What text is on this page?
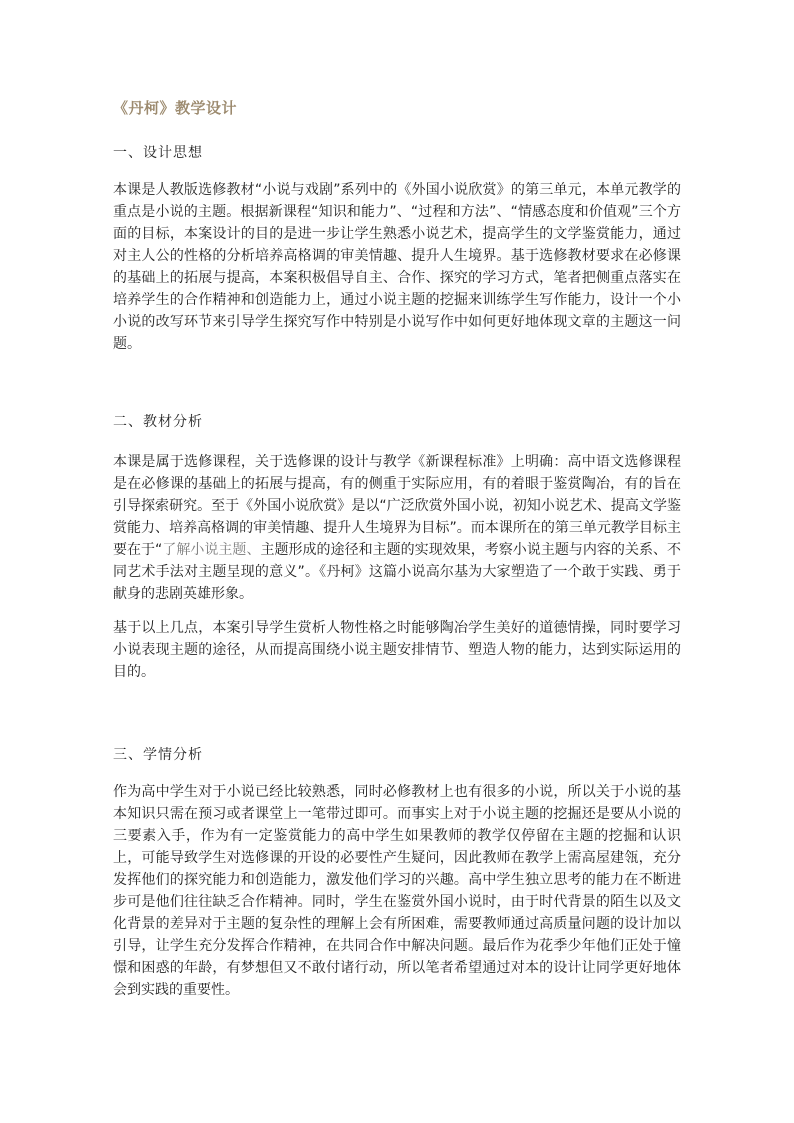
《丹柯》教学设计
一、设计思想
本课是人教版选修教材“小说与戏剧”系列中的《外国小说欣赏》的第三单元，本单元教学的重点是小说的主题。根据新课程“知识和能力”、“过程和方法”、“情感态度和价值观”三个方面的目标，本案设计的目的是进一步让学生熟悉小说艺术，提高学生的文学鉴赏能力，通过对主人公的性格的分析培养高格调的审美情趣、提升人生境界。基于选修教材要求在必修课的基础上的拓展与提高，本案积极倡导自主、合作、探究的学习方式，笔者把侧重点落实在培养学生的合作精神和创造能力上，通过小说主题的挖掘来训练学生写作能力，设计一个小小说的改写环节来引导学生探究写作中特别是小说写作中如何更好地体现文章的主题这一问题。
二、教材分析
本课是属于选修课程，关于选修课的设计与教学《新课程标准》上明确：高中语文选修课程是在必修课的基础上的拓展与提高，有的侧重于实际应用，有的着眼于鉴赏陶冶，有的旨在引导探索研究。至于《外国小说欣赏》是以“广泛欣赏外国小说，初知小说艺术、提高文学鉴赏能力、培养高格调的审美情趣、提升人生境界为目标”。而本课所在的第三单元教学目标主要在于“了解小说主题、主题形成的途径和主题的实现效果，考察小说主题与内容的关系、不同艺术手法对主题呈现的意义”。《丹柯》这篇小说高尔基为大家塑造了一个敢于实践、勇于献身的悲剧英雄形象。
基于以上几点，本案引导学生赏析人物性格之时能够陶冶学生美好的道德情操，同时要学习小说表现主题的途径，从而提高围绕小说主题安排情节、塑造人物的能力，达到实际运用的目的。
三、学情分析
作为高中学生对于小说已经比较熟悉，同时必修教材上也有很多的小说，所以关于小说的基本知识只需在预习或者课堂上一笔带过即可。而事实上对于小说主题的挖掘还是要从小说的三要素入手，作为有一定鉴赏能力的高中学生如果教师的教学仅停留在主题的挖掘和认识上，可能导致学生对选修课的开设的必要性产生疑问，因此教师在教学上需高屋建瓴，充分发挥他们的探究能力和创造能力，激发他们学习的兴趣。高中学生独立思考的能力在不断进步可是他们往往缺乏合作精神。同时，学生在鉴赏外国小说时，由于时代背景的陌生以及文化背景的差异对于主题的复杂性的理解上会有所困难，需要教师通过高质量问题的设计加以引导，让学生充分发挥合作精神，在共同合作中解决问题。最后作为花季少年他们正处于憧憬和困惑的年龄，有梦想但又不敢付诸行动，所以笔者希望通过对本的设计让同学更好地体会到实践的重要性。
